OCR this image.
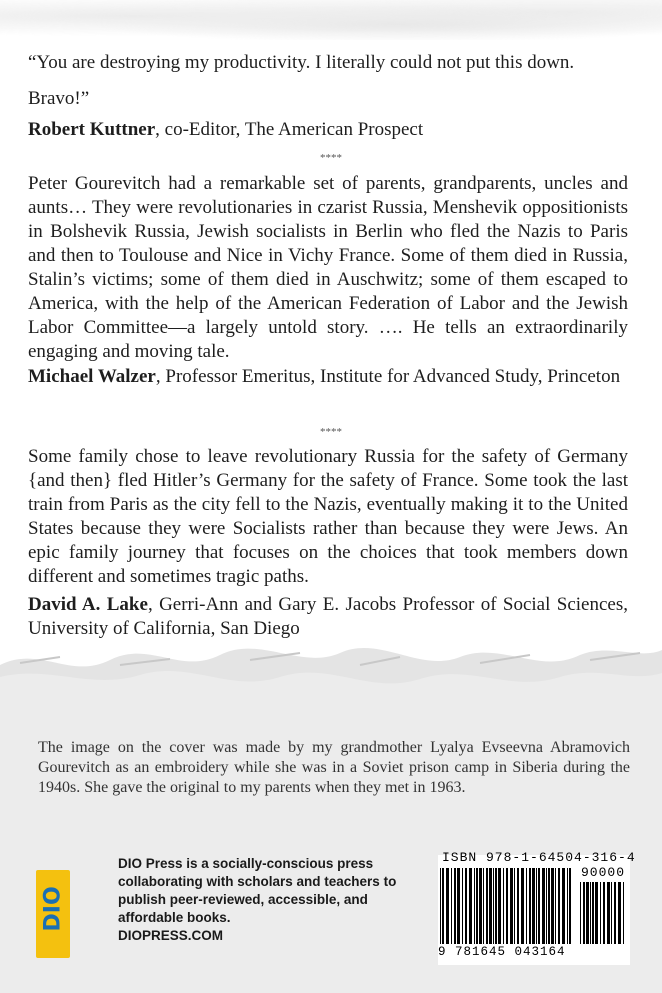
“You are destroying my productivity. I literally could not put this down. Bravo!”
Robert Kuttner, co-Editor, The American Prospect
****
Peter Gourevitch had a remarkable set of parents, grandparents, uncles and aunts… They were revolutionaries in czarist Russia, Menshevik oppositionists in Bolshevik Russia, Jewish socialists in Berlin who fled the Nazis to Paris and then to Toulouse and Nice in Vichy France. Some of them died in Russia, Stalin’s victims; some of them died in Auschwitz; some of them escaped to America, with the help of the American Federation of Labor and the Jewish Labor Committee—a largely untold story. …. He tells an extraordinarily engaging and moving tale.
Michael Walzer, Professor Emeritus, Institute for Advanced Study, Princeton
****
Some family chose to leave revolutionary Russia for the safety of Germany {and then} fled Hitler’s Germany for the safety of France. Some took the last train from Paris as the city fell to the Nazis, eventually making it to the United States because they were Socialists rather than because they were Jews. An epic family journey that focuses on the choices that took members down different and sometimes tragic paths.
David A. Lake, Gerri-Ann and Gary E. Jacobs Professor of Social Sciences, University of California, San Diego
The image on the cover was made by my grandmother Lyalya Evseevna Abramovich Gourevitch as an embroidery while she was in a Soviet prison camp in Siberia during the 1940s. She gave the original to my parents when they met in 1963.
DIO
DIO Press is a socially-conscious press collaborating with scholars and teachers to publish peer-reviewed, accessible, and affordable books.
DIOPRESS.COM
ISBN 978-1-64504-316-4
90000
9 781645 043164
